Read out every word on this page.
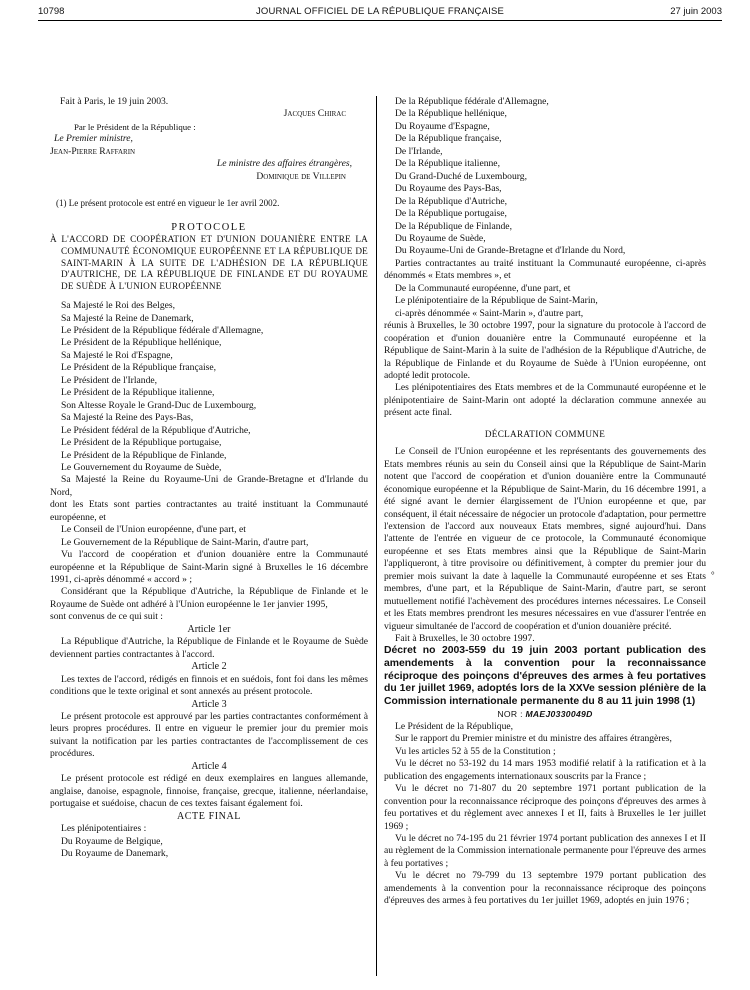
10798	JOURNAL OFFICIEL DE LA RÉPUBLIQUE FRANÇAISE	27 juin 2003

Fait à Paris, le 19 juin 2003.

Jacques Chirac

Par le Président de la République :

Le Premier ministre,

Jean-Pierre Raffarin

Le ministre des affaires étrangères,

Dominique de Villepin

(1) Le présent protocole est entré en vigueur le 1er avril 2002.

PROTOCOLE

À L'ACCORD DE COOPÉRATION ET D'UNION DOUANIÈRE ENTRE LA COMMUNAUTÉ ÉCONOMIQUE EUROPÉENNE ET LA RÉPUBLIQUE DE SAINT-MARIN À LA SUITE DE L'ADHÉSION DE LA RÉPUBLIQUE D'AUTRICHE, DE LA RÉPUBLIQUE DE FINLANDE ET DU ROYAUME DE SUÈDE À L'UNION EUROPÉENNE

Sa Majesté le Roi des Belges,

Sa Majesté la Reine de Danemark,

Le Président de la République fédérale d'Allemagne,

Le Président de la République hellénique,

Sa Majesté le Roi d'Espagne,

Le Président de la République française,

Le Président de l'Irlande,

Le Président de la République italienne,

Son Altesse Royale le Grand-Duc de Luxembourg,

Sa Majesté la Reine des Pays-Bas,

Le Président fédéral de la République d'Autriche,

Le Président de la République portugaise,

Le Président de la République de Finlande,

Le Gouvernement du Royaume de Suède,

Sa Majesté la Reine du Royaume-Uni de Grande-Bretagne et d'Irlande du Nord,

dont les Etats sont parties contractantes au traité instituant la Communauté européenne, et

Le Conseil de l'Union européenne, d'une part, et

Le Gouvernement de la République de Saint-Marin, d'autre part,

Vu l'accord de coopération et d'union douanière entre la Communauté européenne et la République de Saint-Marin signé à Bruxelles le 16 décembre 1991, ci-après dénommé « accord » ;

Considérant que la République d'Autriche, la République de Finlande et le Royaume de Suède ont adhéré à l'Union européenne le 1er janvier 1995,

sont convenus de ce qui suit :

Article 1er

La République d'Autriche, la République de Finlande et le Royaume de Suède deviennent parties contractantes à l'accord.

Article 2

Les textes de l'accord, rédigés en finnois et en suédois, font foi dans les mêmes conditions que le texte original et sont annexés au présent protocole.

Article 3

Le présent protocole est approuvé par les parties contractantes conformément à leurs propres procédures. Il entre en vigueur le premier jour du premier mois suivant la notification par les parties contractantes de l'accomplissement de ces procédures.

Article 4

Le présent protocole est rédigé en deux exemplaires en langues allemande, anglaise, danoise, espagnole, finnoise, française, grecque, italienne, néerlandaise, portugaise et suédoise, chacun de ces textes faisant également foi.

ACTE FINAL

Les plénipotentiaires :

Du Royaume de Belgique,

Du Royaume de Danemark,

De la République fédérale d'Allemagne,

De la République hellénique,

Du Royaume d'Espagne,

De la République française,

De l'Irlande,

De la République italienne,

Du Grand-Duché de Luxembourg,

Du Royaume des Pays-Bas,

De la République d'Autriche,

De la République portugaise,

De la République de Finlande,

Du Royaume de Suède,

Du Royaume-Uni de Grande-Bretagne et d'Irlande du Nord,

Parties contractantes au traité instituant la Communauté européenne, ci-après dénommés « Etats membres », et

De la Communauté européenne, d'une part, et

Le plénipotentiaire de la République de Saint-Marin,

ci-après dénommée « Saint-Marin », d'autre part,

réunis à Bruxelles, le 30 octobre 1997, pour la signature du protocole à l'accord de coopération et d'union douanière entre la Communauté européenne et la République de Saint-Marin à la suite de l'adhésion de la République d'Autriche, de la République de Finlande et du Royaume de Suède à l'Union européenne, ont adopté ledit protocole.

Les plénipotentiaires des Etats membres et de la Communauté européenne et le plénipotentiaire de Saint-Marin ont adopté la déclaration commune annexée au présent acte final.

DÉCLARATION COMMUNE

Le Conseil de l'Union européenne et les représentants des gouvernements des Etats membres réunis au sein du Conseil ainsi que la République de Saint-Marin notent que l'accord de coopération et d'union douanière entre la Communauté économique européenne et la République de Saint-Marin, du 16 décembre 1991, a été signé avant le dernier élargissement de l'Union européenne et que, par conséquent, il était nécessaire de négocier un protocole d'adaptation, pour permettre l'extension de l'accord aux nouveaux Etats membres, signé aujourd'hui. Dans l'attente de l'entrée en vigueur de ce protocole, la Communauté économique européenne et ses Etats membres ainsi que la République de Saint-Marin l'appliqueront, à titre provisoire ou définitivement, à compter du premier jour du premier mois suivant la date à laquelle la Communauté européenne et ses Etats membres, d'une part, et la République de Saint-Marin, d'autre part, se seront mutuellement notifié l'achèvement des procédures internes nécessaires. Le Conseil et les Etats membres prendront les mesures nécessaires en vue d'assurer l'entrée en vigueur simultanée de l'accord de coopération et d'union douanière précité.

Fait à Bruxelles, le 30 octobre 1997.

Décret no 2003-559 du 19 juin 2003 portant publication des amendements à la convention pour la reconnaissance réciproque des poinçons d'épreuves des armes à feu portatives du 1er juillet 1969, adoptés lors de la XXVe session plénière de la Commission internationale permanente du 8 au 11 juin 1998 (1)

NOR : MAEJ0330049D

Le Président de la République,

Sur le rapport du Premier ministre et du ministre des affaires étrangères,

Vu les articles 52 à 55 de la Constitution ;

Vu le décret no 53-192 du 14 mars 1953 modifié relatif à la ratification et à la publication des engagements internationaux souscrits par la France ;

Vu le décret no 71-807 du 20 septembre 1971 portant publication de la convention pour la reconnaissance réciproque des poinçons d'épreuves des armes à feu portatives et du règlement avec annexes I et II, faits à Bruxelles le 1er juillet 1969 ;

Vu le décret no 74-195 du 21 février 1974 portant publication des annexes I et II au règlement de la Commission internationale permanente pour l'épreuve des armes à feu portatives ;

Vu le décret no 79-799 du 13 septembre 1979 portant publication des amendements à la convention pour la reconnaissance réciproque des poinçons d'épreuves des armes à feu portatives du 1er juillet 1969, adoptés en juin 1976 ;

°
